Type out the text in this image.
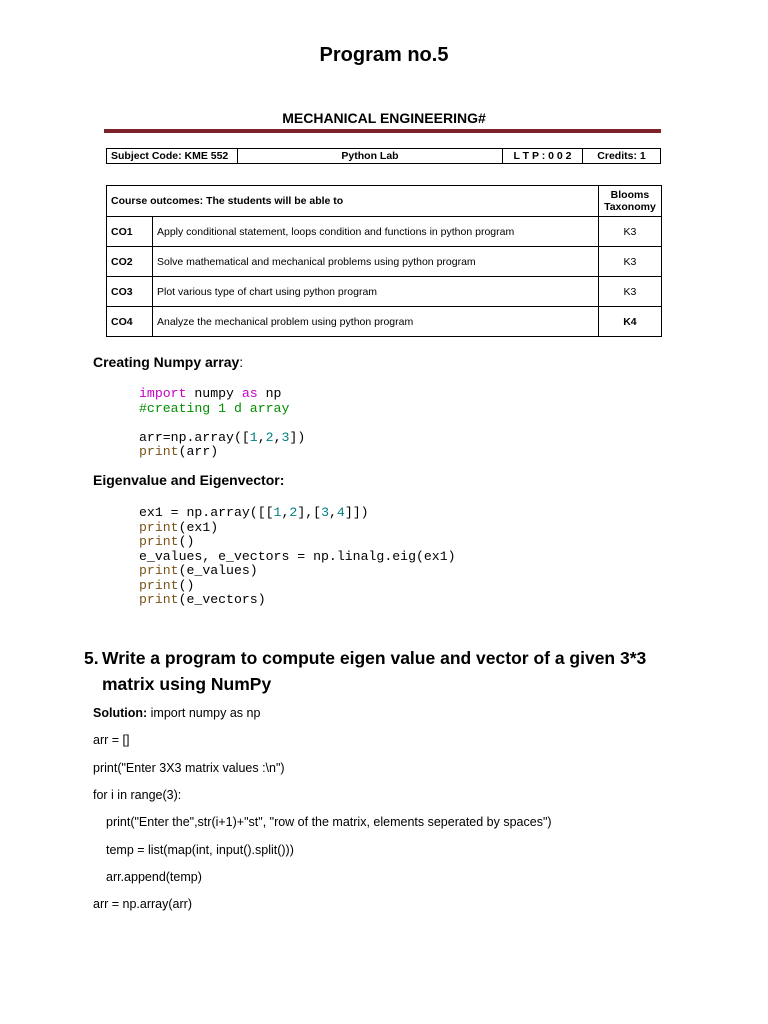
Program no.5
MECHANICAL ENGINEERING#
Subject Code: KME 552	Python Lab	L T P : 0 0 2	Credits: 1
Course outcomes: The students will be able to		Blooms
Taxonomy
CO1	Apply conditional statement, loops condition and functions in python program	K3
CO2	Solve mathematical and mechanical problems using python program	K3
CO3	Plot various type of chart using python program	K3
CO4	Analyze the mechanical problem using python program	K4
Creating Numpy array:
import numpy as np
#creating 1 d array

arr=np.array([1,2,3])
print(arr)
Eigenvalue and Eigenvector:
ex1 = np.array([[1,2],[3,4]])
print(ex1)
print()
e_values, e_vectors = np.linalg.eig(ex1)
print(e_values)
print()
print(e_vectors)
5. Write a program to compute eigen value and vector of a given 3*3
matrix using NumPy
Solution: import numpy as np
arr = []
print("Enter 3X3 matrix values :\n")
for i in range(3):
print("Enter the",str(i+1)+"st", "row of the matrix, elements seperated by spaces")
temp = list(map(int, input().split()))
arr.append(temp)
arr = np.array(arr)
